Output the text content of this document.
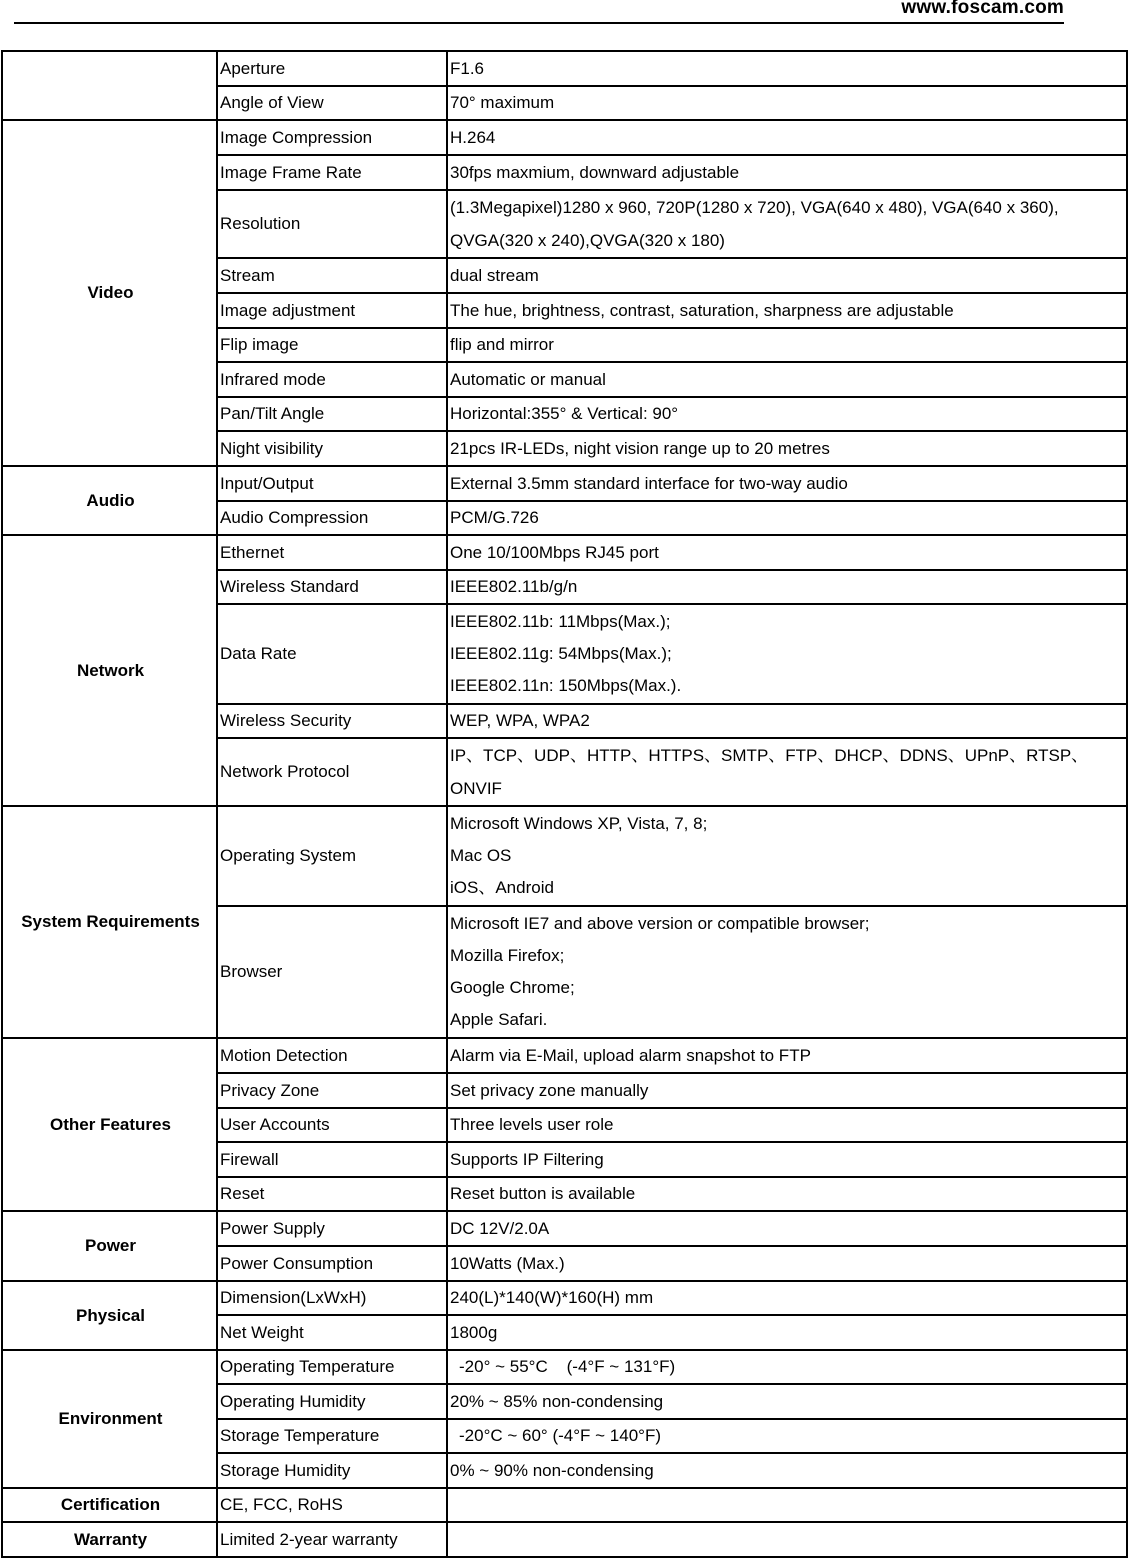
www.foscam.com
	Aperture	F1.6
	Angle of View	70° maximum
Video	Image Compression	H.264
	Image Frame Rate	30fps maxmium, downward adjustable
	Resolution	(1.3Megapixel)1280 x 960, 720P(1280 x 720), VGA(640 x 480), VGA(640 x 360),
QVGA(320 x 240),QVGA(320 x 180)

	Stream	dual stream
	Image adjustment	The hue, brightness, contrast, saturation, sharpness are adjustable
	Flip image	flip and mirror
	Infrared mode	Automatic or manual
	Pan/Tilt Angle	Horizontal:355° & Vertical: 90°
	Night visibility	21pcs IR-LEDs, night vision range up to 20 metres
Audio	Input/Output	External 3.5mm standard interface for two-way audio
	Audio Compression	PCM/G.726
Network	Ethernet	One 10/100Mbps RJ45 port
	Wireless Standard	IEEE802.11b/g/n
	Data Rate	IEEE802.11b: 11Mbps(Max.);
IEEE802.11g: 54Mbps(Max.);
IEEE802.11n: 150Mbps(Max.).

	Wireless Security	WEP, WPA, WPA2
	Network Protocol	IP、TCP、UDP、HTTP、HTTPS、SMTP、FTP、DHCP、DDNS、UPnP、RTSP、
ONVIF

System Requirements	Operating System	Microsoft Windows XP, Vista, 7, 8;
Mac OS
iOS、Android

	Browser	Microsoft IE7 and above version or compatible browser;
Mozilla Firefox;
Google Chrome;
Apple Safari.

Other Features	Motion Detection	Alarm via E-Mail, upload alarm snapshot to FTP
	Privacy Zone	Set privacy zone manually
	User Accounts	Three levels user role
	Firewall	Supports IP Filtering
	Reset	Reset button is available
Power	Power Supply	DC 12V/2.0A
	Power Consumption	10Watts (Max.)
Physical	Dimension(LxWxH)	240(L)*140(W)*160(H) mm
	Net Weight	1800g
Environment	Operating Temperature	-20° ~ 55°C    (-4°F ~ 131°F)
	Operating Humidity	20% ~ 85% non-condensing
	Storage Temperature	-20°C ~ 60° (-4°F ~ 140°F)
	Storage Humidity	0% ~ 90% non-condensing
Certification	CE, FCC, RoHS	
Warranty	Limited 2-year warranty	
